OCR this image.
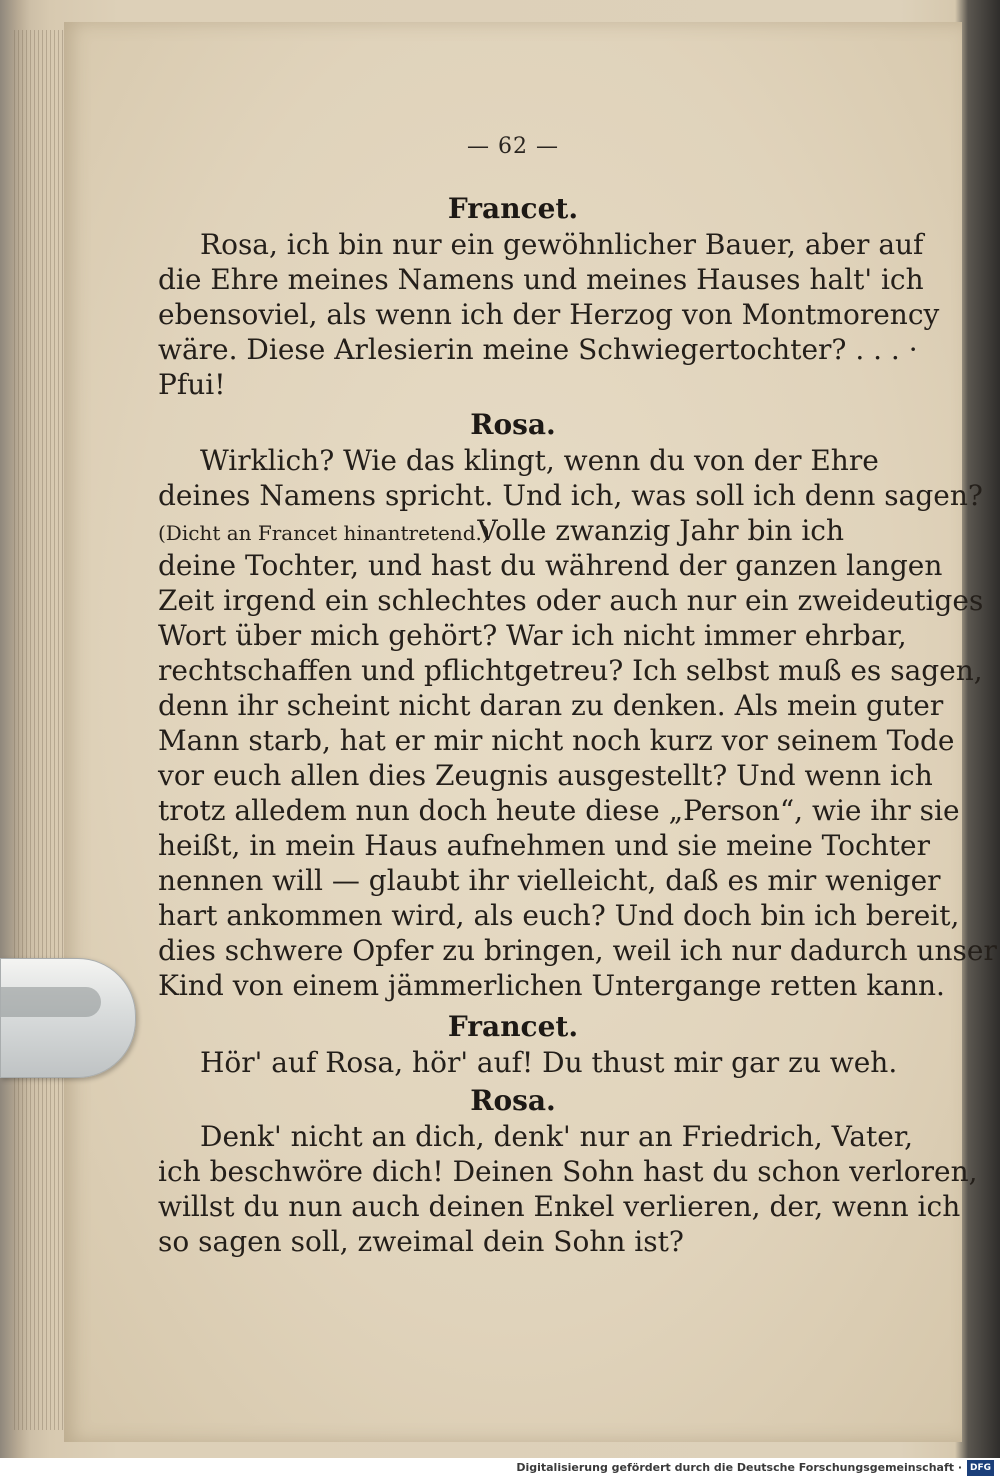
— 62 —
Francet.
Rosa, ich bin nur ein gewöhnlicher Bauer, aber auf
die Ehre meines Namens und meines Hauses halt' ich
ebensoviel, als wenn ich der Herzog von Montmorency
wäre. Diese Arlesierin meine Schwiegertochter? . . . ·
Pfui!
Rosa.
Wirklich? Wie das klingt, wenn du von der Ehre
deines Namens spricht. Und ich, was soll ich denn sagen?
(Dicht an Francet hinantretend.)
Volle zwanzig Jahr bin ich
deine Tochter, und hast du während der ganzen langen
Zeit irgend ein schlechtes oder auch nur ein zweideutiges
Wort über mich gehört? War ich nicht immer ehrbar,
rechtschaffen und pflichtgetreu? Ich selbst muß es sagen,
denn ihr scheint nicht daran zu denken. Als mein guter
Mann starb, hat er mir nicht noch kurz vor seinem Tode
vor euch allen dies Zeugnis ausgestellt? Und wenn ich
trotz alledem nun doch heute diese „Person“, wie ihr sie
heißt, in mein Haus aufnehmen und sie meine Tochter
nennen will — glaubt ihr vielleicht, daß es mir weniger
hart ankommen wird, als euch? Und doch bin ich bereit,
dies schwere Opfer zu bringen, weil ich nur dadurch unser
Kind von einem jämmerlichen Untergange retten kann.
Francet.
Hör' auf Rosa, hör' auf! Du thust mir gar zu weh.
Rosa.
Denk' nicht an dich, denk' nur an Friedrich, Vater,
ich beschwöre dich! Deinen Sohn hast du schon verloren,
willst du nun auch deinen Enkel verlieren, der, wenn ich
so sagen soll, zweimal dein Sohn ist?
Digitalisierung gefördert durch die Deutsche Forschungsgemeinschaft · DFG
